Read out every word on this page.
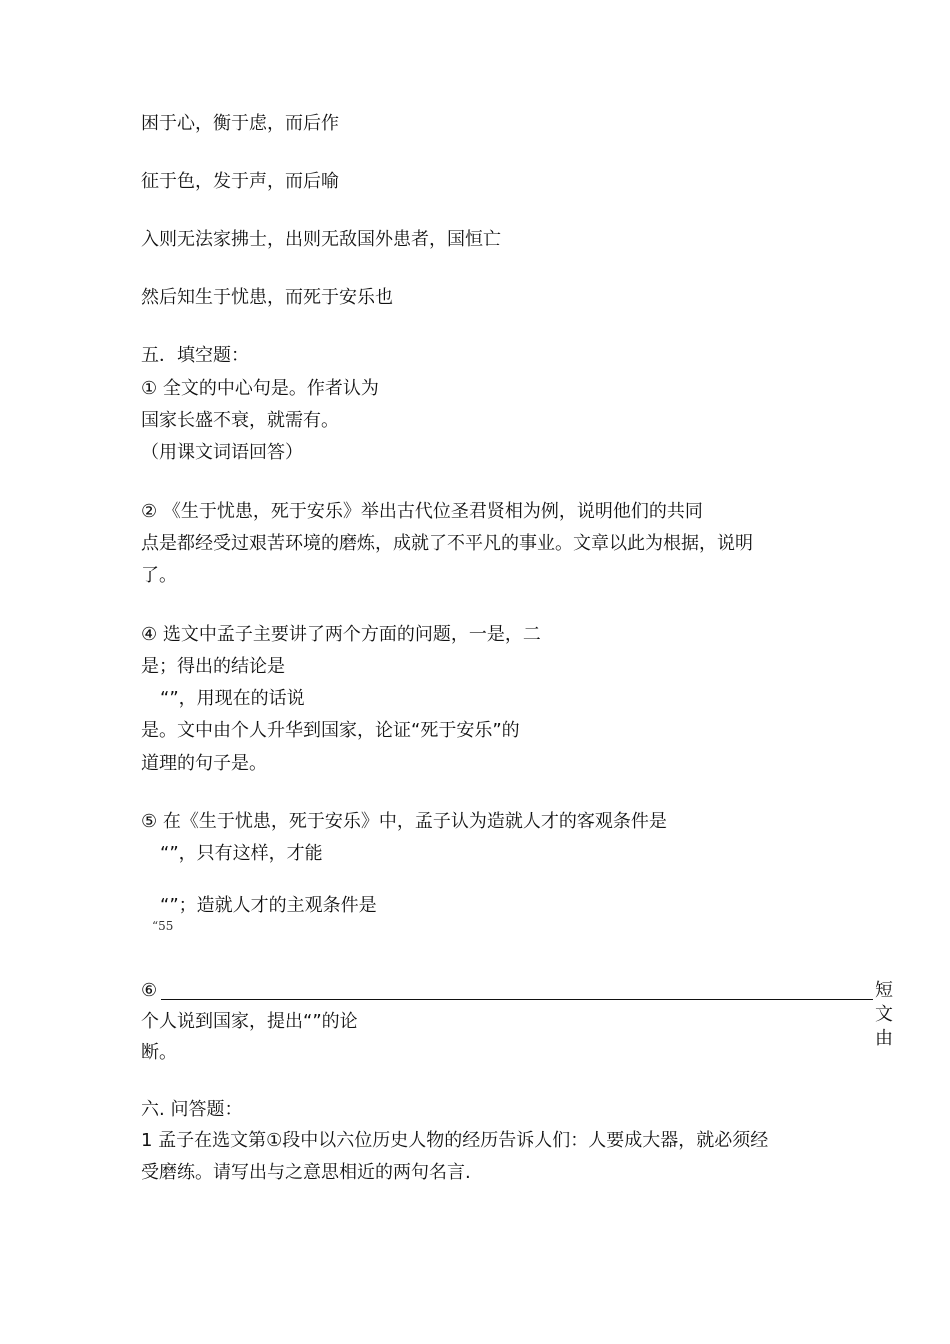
困于心，衡于虑，而后作
征于色，发于声，而后喻
入则无法家拂士，出则无敌国外患者，国恒亡
然后知生于忧患，而死于安乐也
五．填空题：
① 全文的中心句是。作者认为
国家长盛不衰，就需有。
（用课文词语回答）
② 《生于忧患，死于安乐》举出古代位圣君贤相为例，说明他们的共同
点是都经受过艰苦环境的磨炼，成就了不平凡的事业。文章以此为根据，说明
了。
④ 选文中孟子主要讲了两个方面的问题，一是，二
是；得出的结论是
“”，用现在的话说
是。文中由个人升华到国家，论证“死于安乐”的
道理的句子是。
⑤ 在《生于忧患，死于安乐》中，孟子认为造就人才的客观条件是
“”，只有这样，才能
“”；造就人才的主观条件是
“55
⑥	短文由
个人说到国家，提出“”的论
断。
六. 问答题：
1 孟子在选文第①段中以六位历史人物的经历告诉人们：人要成大器，就必须经
受磨练。请写出与之意思相近的两句名言.
